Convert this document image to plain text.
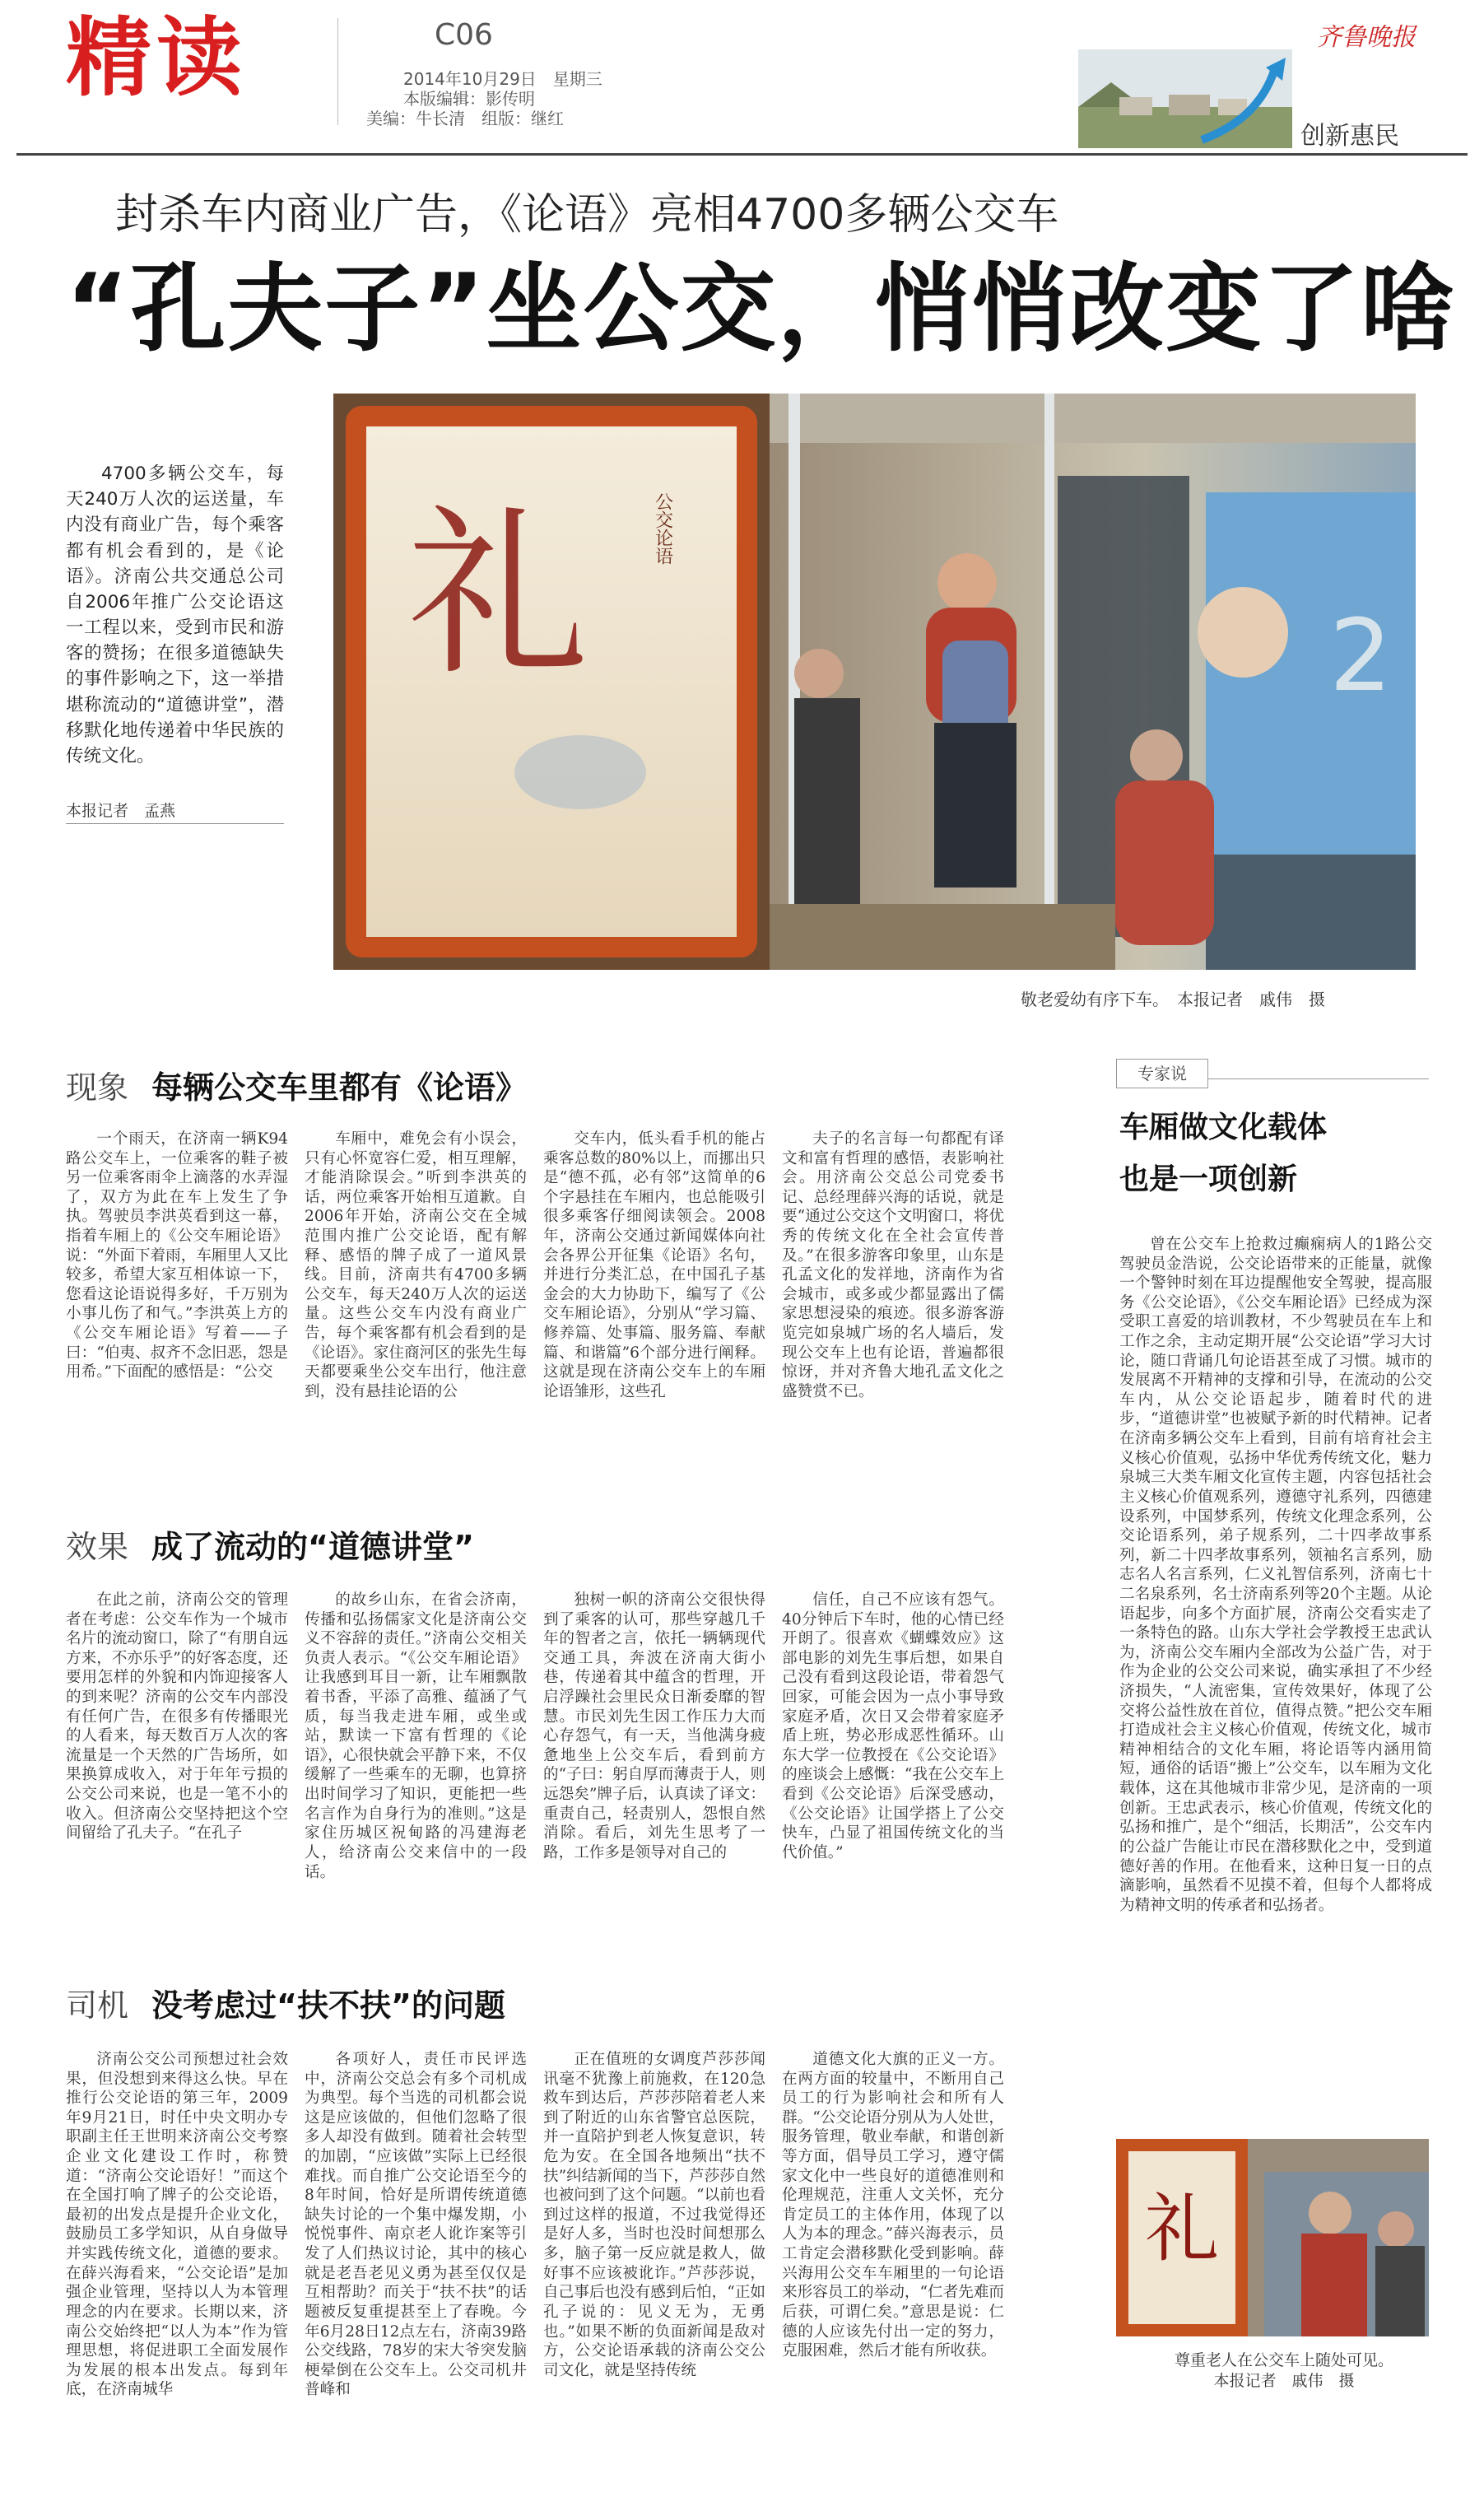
精读	C06
2014年10月29日　星期三
本版编辑：影传明
美编：牛长清　组版：继红
齐鲁晚报
创新惠民
封杀车内商业广告，《论语》亮相4700多辆公交车
“孔夫子”坐公交，悄悄改变了啥
4700多辆公交车，每天240万人次的运送量，车内没有商业广告，每个乘客都有机会看到的，是《论语》。济南公共交通总公司自2006年推广公交论语这一工程以来，受到市民和游客的赞扬；在很多道德缺失的事件影响之下，这一举措堪称流动的“道德讲堂”，潜移默化地传递着中华民族的传统文化。
本报记者　孟燕
礼	公交论语
2
敬老爱幼有序下车。　本报记者　戚伟　摄
现象 每辆公交车里都有《论语》

一个雨天，在济南一辆K94路公交车上，一位乘客的鞋子被另一位乘客雨伞上滴落的水弄湿了，双方为此在车上发生了争执。驾驶员李洪英看到这一幕，指着车厢上的《公交车厢论语》说：“外面下着雨，车厢里人又比较多，希望大家互相体谅一下，您看这论语说得多好，千万别为小事儿伤了和气。”李洪英上方的《公交车厢论语》写着——子曰：“伯夷、叔齐不念旧恶，怨是用希。”下面配的感悟是：“公交

车厢中，难免会有小误会，只有心怀宽容仁爱，相互理解，才能消除误会。”听到李洪英的话，两位乘客开始相互道歉。自2006年开始，济南公交在全城范围内推广公交论语，配有解释、感悟的牌子成了一道风景线。目前，济南共有4700多辆公交车，每天240万人次的运送量。这些公交车内没有商业广告，每个乘客都有机会看到的是《论语》。家住商河区的张先生每天都要乘坐公交车出行，他注意到，没有悬挂论语的公

交车内，低头看手机的能占乘客总数的80%以上，而挪出只是“德不孤，必有邻”这简单的6个字悬挂在车厢内，也总能吸引很多乘客仔细阅读领会。2008年，济南公交通过新闻媒体向社会各界公开征集《论语》名句，并进行分类汇总，在中国孔子基金会的大力协助下，编写了《公交车厢论语》，分别从“学习篇、修养篇、处事篇、服务篇、奉献篇、和谐篇”6个部分进行阐释。这就是现在济南公交车上的车厢论语雏形，这些孔

夫子的名言每一句都配有译文和富有哲理的感悟，表影响社会。用济南公交总公司党委书记、总经理薛兴海的话说，就是要“通过公交这个文明窗口，将优秀的传统文化在全社会宣传普及。”在很多游客印象里，山东是孔孟文化的发祥地，济南作为省会城市，或多或少都显露出了儒家思想浸染的痕迹。很多游客游览完如泉城广场的名人墙后，发现公交车上也有论语，普遍都很惊讶，并对齐鲁大地孔孟文化之盛赞赏不已。

效果 成了流动的“道德讲堂”

在此之前，济南公交的管理者在考虑：公交车作为一个城市名片的流动窗口，除了“有朋自远方来，不亦乐乎”的好客态度，还要用怎样的外貌和内饰迎接客人的到来呢？济南的公交车内部没有任何广告，在很多有传播眼光的人看来，每天数百万人次的客流量是一个天然的广告场所，如果换算成收入，对于年年亏损的公交公司来说，也是一笔不小的收入。但济南公交坚持把这个空间留给了孔夫子。“在孔子

的故乡山东，在省会济南，传播和弘扬儒家文化是济南公交义不容辞的责任。”济南公交相关负责人表示。“《公交车厢论语》让我感到耳目一新，让车厢飘散着书香，平添了高雅、蕴涵了气质，每当我走进车厢，或坐或站，默读一下富有哲理的《论语》，心很快就会平静下来，不仅缓解了一些乘车的无聊，也算挤出时间学习了知识，更能把一些名言作为自身行为的准则。”这是家住历城区祝甸路的冯建海老人，给济南公交来信中的一段话。

独树一帜的济南公交很快得到了乘客的认可，那些穿越几千年的智者之言，依托一辆辆现代交通工具，奔波在济南大街小巷，传递着其中蕴含的哲理，开启浮躁社会里民众日渐委靡的智慧。市民刘先生因工作压力大而心存怨气，有一天，当他满身疲惫地坐上公交车后，看到前方的“子曰：躬自厚而薄责于人，则远怨矣”牌子后，认真读了译文：重责自己，轻责别人，怨恨自然消除。看后，刘先生思考了一路，工作多是领导对自己的

信任，自己不应该有怨气。40分钟后下车时，他的心情已经开朗了。很喜欢《蝴蝶效应》这部电影的刘先生事后想，如果自己没有看到这段论语，带着怨气回家，可能会因为一点小事导致家庭矛盾，次日又会带着家庭矛盾上班，势必形成恶性循环。山东大学一位教授在《公交论语》的座谈会上感慨：“我在公交车上看到《公交论语》后深受感动，《公交论语》让国学搭上了公交快车，凸显了祖国传统文化的当代价值。”

司机 没考虑过“扶不扶”的问题

济南公交公司预想过社会效果，但没想到来得这么快。早在推行公交论语的第三年，2009年9月21日，时任中央文明办专职副主任王世明来济南公交考察企业文化建设工作时，称赞道：“济南公交论语好！”而这个在全国打响了牌子的公交论语，最初的出发点是提升企业文化，鼓励员工多学知识，从自身做导并实践传统文化，道德的要求。在薛兴海看来，“公交论语”是加强企业管理，坚持以人为本管理理念的内在要求。长期以来，济南公交始终把“以人为本”作为管理思想，将促进职工全面发展作为发展的根本出发点。每到年底，在济南城华

各项好人，责任市民评选中，济南公交总会有多个司机成为典型。每个当选的司机都会说这是应该做的，但他们忽略了很多人却没有做到。随着社会转型的加剧，“应该做”实际上已经很难找。而自推广公交论语至今的8年时间，恰好是所谓传统道德缺失讨论的一个集中爆发期，小悦悦事件、南京老人讹诈案等引发了人们热议讨论，其中的核心就是老吾老见义勇为甚至仅仅是互相帮助？而关于“扶不扶”的话题被反复重提甚至上了春晚。今年6月28日12点左右，济南39路公交线路，78岁的宋大爷突发脑梗晕倒在公交车上。公交司机井普峰和

正在值班的女调度芦莎莎闻讯毫不犹豫上前施救，在120急救车到达后，芦莎莎陪着老人来到了附近的山东省警官总医院，并一直陪护到老人恢复意识，转危为安。在全国各地频出“扶不扶”纠结新闻的当下，芦莎莎自然也被问到了这个问题。“以前也看到过这样的报道，不过我觉得还是好人多，当时也没时间想那么多，脑子第一反应就是救人，做好事不应该被讹诈。”芦莎莎说，自己事后也没有感到后怕，“正如孔子说的：见义无为，无勇也。”如果不断的负面新闻是敌对方，公交论语承载的济南公交公司文化，就是坚持传统

道德文化大旗的正义一方。在两方面的较量中，不断用自己员工的行为影响社会和所有人群。“公交论语分别从为人处世，服务管理，敬业奉献，和谐创新等方面，倡导员工学习，遵守儒家文化中一些良好的道德准则和伦理规范，注重人文关怀，充分肯定员工的主体作用，体现了以人为本的理念。”薛兴海表示，员工肯定会潜移默化受到影响。薛兴海用公交车车厢里的一句论语来形容员工的举动，“仁者先难而后获，可谓仁矣。”意思是说：仁德的人应该先付出一定的努力，克服困难，然后才能有所收获。

专家说
车厢做文化载体
也是一项创新

曾在公交车上抢救过癫痫病人的1路公交驾驶员金浩说，公交论语带来的正能量，就像一个警钟时刻在耳边提醒他安全驾驶，提高服务《公交论语》，《公交车厢论语》已经成为深受职工喜爱的培训教材，不少驾驶员在车上和工作之余，主动定期开展“公交论语”学习大讨论，随口背诵几句论语甚至成了习惯。城市的发展离不开精神的支撑和引导，在流动的公交车内，从公交论语起步，随着时代的进步，“道德讲堂”也被赋予新的时代精神。记者在济南多辆公交车上看到，目前有培育社会主义核心价值观，弘扬中华优秀传统文化，魅力泉城三大类车厢文化宣传主题，内容包括社会主义核心价值观系列，遵德守礼系列，四德建设系列，中国梦系列，传统文化理念系列，公交论语系列，弟子规系列，二十四孝故事系列，新二十四孝故事系列，领袖名言系列，励志名人名言系列，仁义礼智信系列，济南七十二名泉系列，名士济南系列等20个主题。从论语起步，向多个方面扩展，济南公交看实走了一条特色的路。山东大学社会学教授王忠武认为，济南公交车厢内全部改为公益广告，对于作为企业的公交公司来说，确实承担了不少经济损失，“人流密集，宣传效果好，体现了公交将公益性放在首位，值得点赞。”把公交车厢打造成社会主义核心价值观，传统文化，城市精神相结合的文化车厢，将论语等内涵用简短，通俗的话语“搬上”公交车，以车厢为文化载体，这在其他城市非常少见，是济南的一项创新。王忠武表示，核心价值观，传统文化的弘扬和推广，是个“细活，长期活”，公交车内的公益广告能让市民在潜移默化之中，受到道德好善的作用。在他看来，这种日复一日的点滴影响，虽然看不见摸不着，但每个人都将成为精神文明的传承者和弘扬者。

礼
尊重老人在公交车上随处可见。
本报记者　戚伟　摄
